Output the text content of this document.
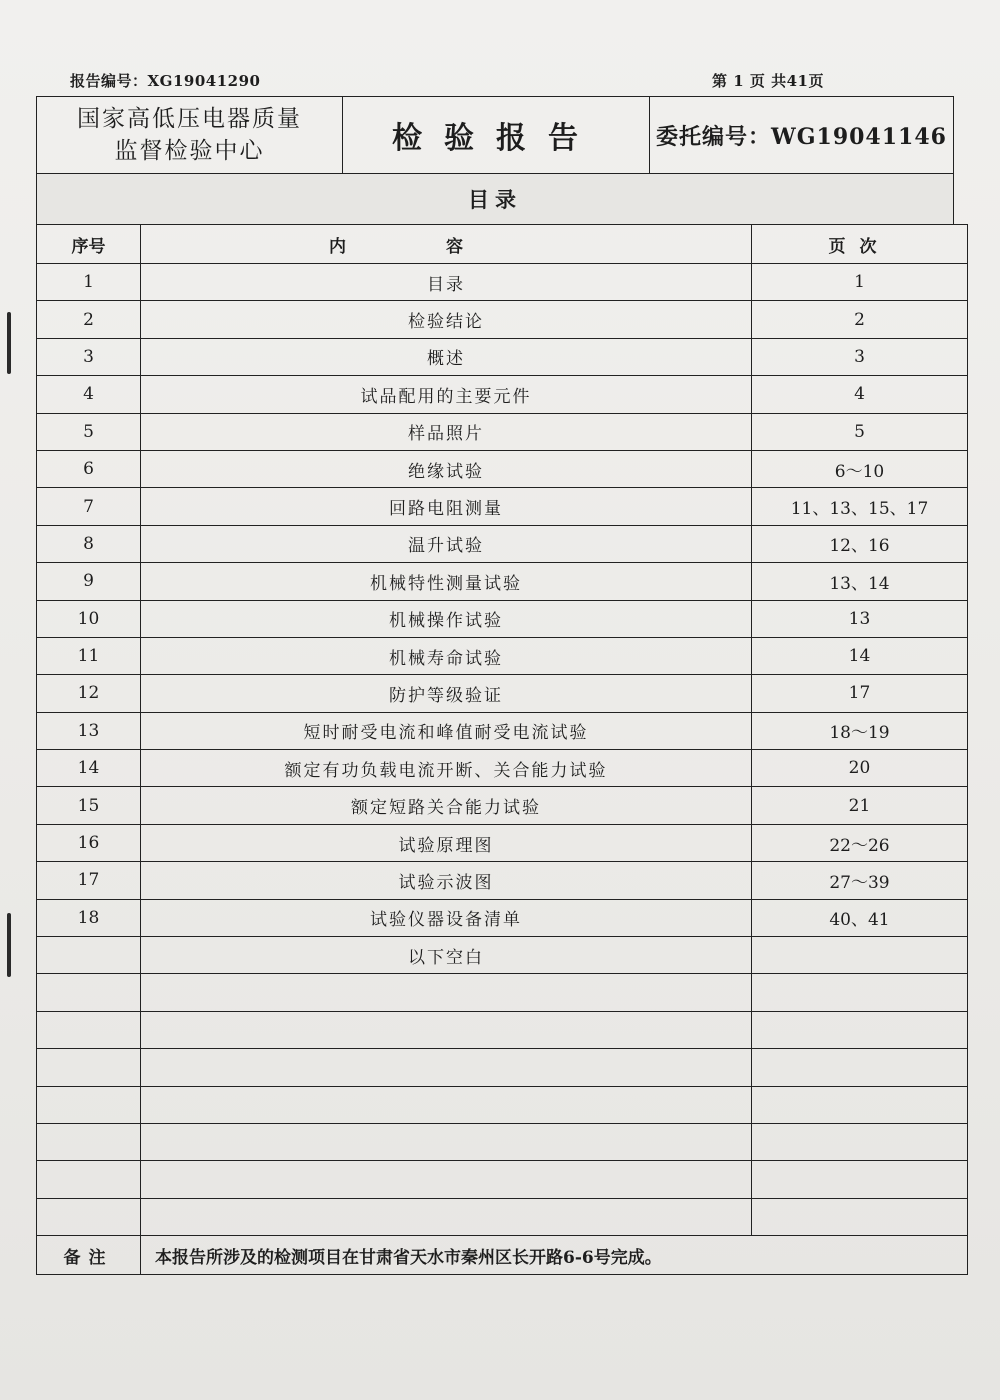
报告编号：XG19041290	第 1 页 共41页
国家高低压电器质量
监督检验中心	检验报告	委托编号：WG19041146
目录
序号	内容	页次
1	目录	1
2	检验结论	2
3	概述	3
4	试品配用的主要元件	4
5	样品照片	5
6	绝缘试验	6～10
7	回路电阻测量	11、13、15、17
8	温升试验	12、16
9	机械特性测量试验	13、14
10	机械操作试验	13
11	机械寿命试验	14
12	防护等级验证	17
13	短时耐受电流和峰值耐受电流试验	18～19
14	额定有功负载电流开断、关合能力试验	20
15	额定短路关合能力试验	21
16	试验原理图	22～26
17	试验示波图	27～39
18	试验仪器设备清单	40、41
	以下空白	

备注	本报告所涉及的检测项目在甘肃省天水市秦州区长开路6-6号完成。	
